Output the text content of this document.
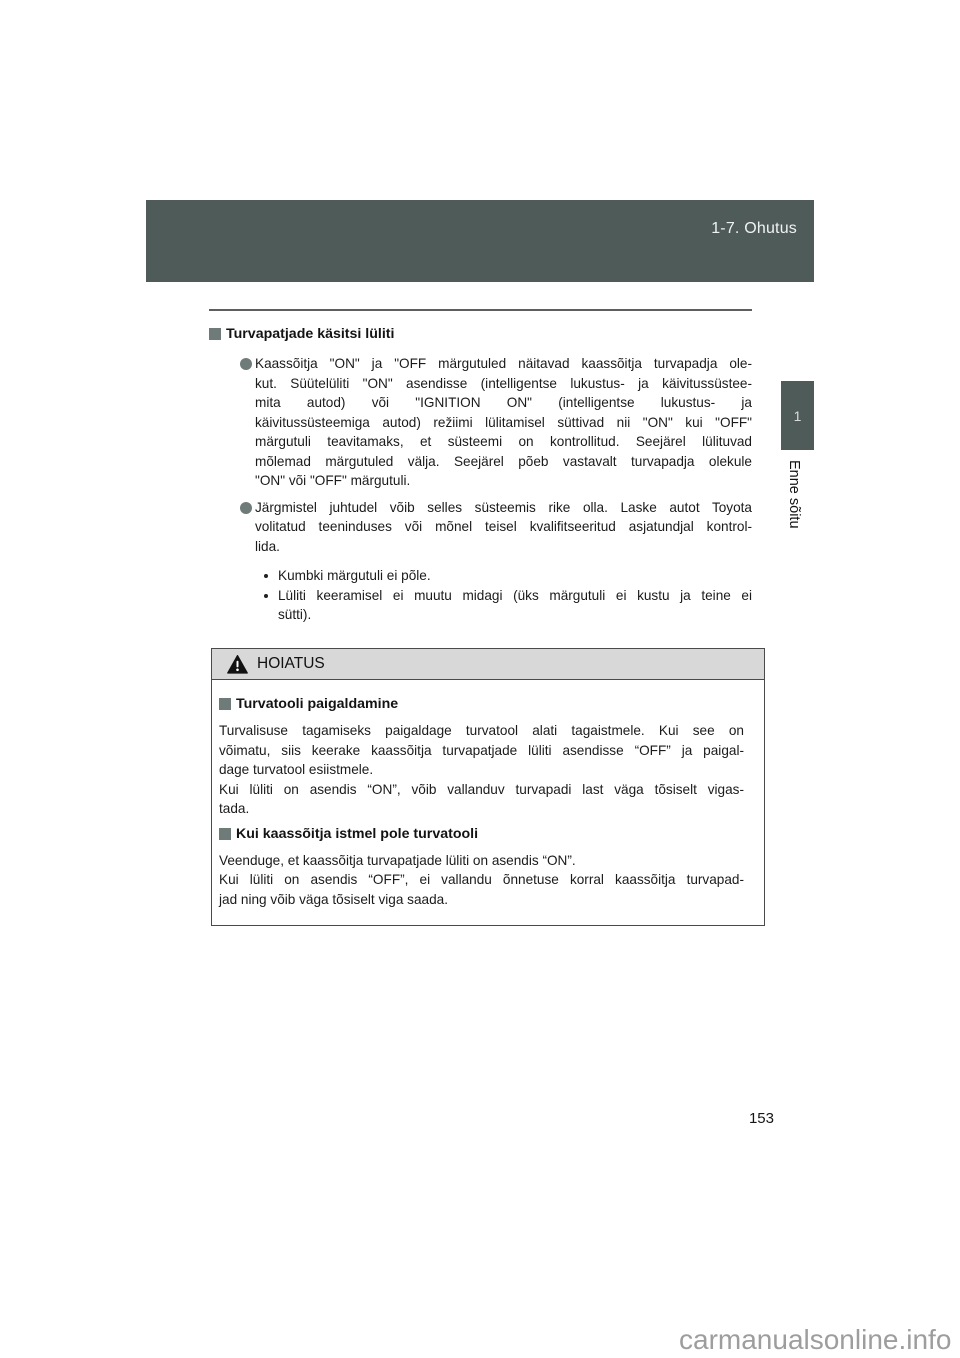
1-7. Ohutus
Turvapatjade käsitsi lüliti
Kaassõitja "ON" ja "OFF märgutuled näitavad kaassõitja turvapadja ole-
kut. Süütelüliti "ON" asendisse (intelligentse lukustus- ja käivitussüstee-
mita autod) või "IGNITION ON" (intelligentse lukustus- ja
käivitussüsteemiga autod) režiimi lülitamisel süttivad nii "ON" kui "OFF"
märgutuli teavitamaks, et süsteemi on kontrollitud. Seejärel lülituvad
mõlemad märgutuled välja. Seejärel põeb vastavalt turvapadja olekule
"ON" või "OFF" märgutuli.
Järgmistel juhtudel võib selles süsteemis rike olla. Laske autot Toyota
volitatud teeninduses või mõnel teisel kvalifitseeritud asjatundjal kontrol-
lida.
Kumbki märgutuli ei põle.
Lüliti keeramisel ei muutu midagi (üks märgutuli ei kustu ja teine ei
sütti).
HOIATUS
Turvatooli paigaldamine
Turvalisuse tagamiseks paigaldage turvatool alati tagaistmele. Kui see on
võimatu, siis keerake kaassõitja turvapatjade lüliti asendisse “OFF” ja paigal-
dage turvatool esiistmele.
Kui lüliti on asendis “ON”, võib vallanduv turvapadi last väga tõsiselt vigas-
tada.
Kui kaassõitja istmel pole turvatooli
Veenduge, et kaassõitja turvapatjade lüliti on asendis “ON”.
Kui lüliti on asendis “OFF”, ei vallandu õnnetuse korral kaassõitja turvapad-
jad ning võib väga tõsiselt viga saada.
1
Enne sõitu
153
carmanualsonline.info
